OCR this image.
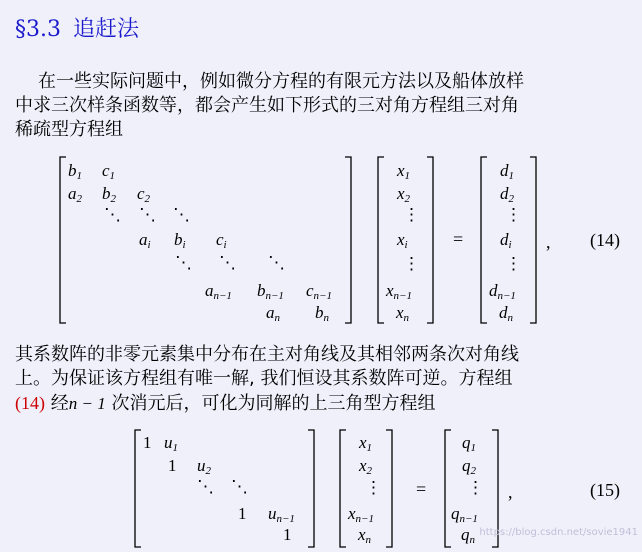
§3.3 追赶法
在一些实际问题中，例如微分方程的有限元方法以及船体放样
中求三次样条函数等，都会产生如下形式的三对角方程组三对角
稀疏型方程组
$b_1$ $c_1$
$a_2$ $b_2$ $c_2$
⋱ ⋱ ⋱
$a_i$ $b_i$ $c_i$
⋱ ⋱ ⋱
$a_{n-1}$ $b_{n-1}$ $c_{n-1}$
$a_n$ $b_n$
$x_1$
$x_2$
⋮
$x_i$
⋮
$x_{n-1}$
$x_n$
=
$d_1$
$d_2$
⋮
$d_i$
⋮
$d_{n-1}$
$d_n$
, (14)
其系数阵的非零元素集中分布在主对角线及其相邻两条次对角线
上。为保证该方程组有唯一解, 我们恒设其系数阵可逆。方程组
(14) 经n − 1 次消元后，可化为同解的上三角型方程组
1 $u_1$
1 $u_2$
⋱ ⋱
1 $u_{n-1}$
1
$x_1$
$x_2$
⋮
$x_{n-1}$
$x_n$
=
$q_1$
$q_2$
⋮
$q_{n-1}$
$q_n$
,	(15)
https://blog.csdn.net/sovie1941
